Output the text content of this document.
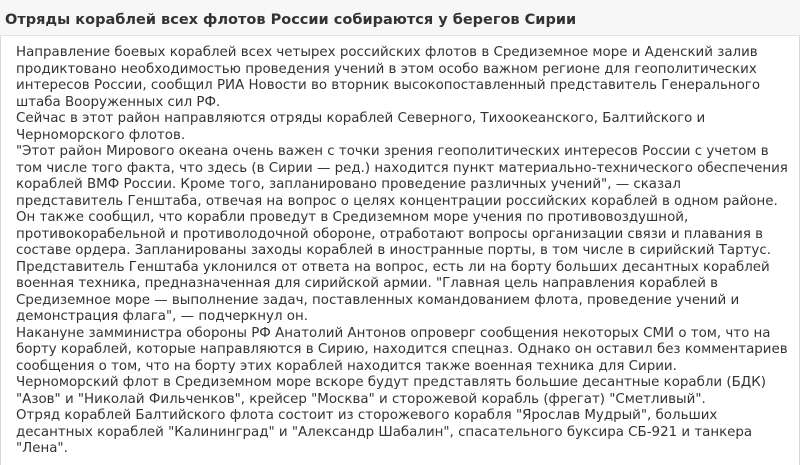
Отряды кораблей всех флотов России собираются у берегов Сирии

Направление боевых кораблей всех четырех российских флотов в Средиземное море и Аденский залив продиктовано необходимостью проведения учений в этом особо важном регионе для геополитических интересов России, сообщил РИА Новости во вторник высокопоставленный представитель Генерального штаба Вооруженных сил РФ.

Сейчас в этот район направляются отряды кораблей Северного, Тихоокеанского, Балтийского и Черноморского флотов.

"Этот район Мирового океана очень важен с точки зрения геополитических интересов России с учетом в том числе того факта, что здесь (в Сирии — ред.) находится пункт материально-технического обеспечения кораблей ВМФ России. Кроме того, запланировано проведение различных учений", — сказал представитель Генштаба, отвечая на вопрос о целях концентрации российских кораблей в одном районе.

Он также сообщил, что корабли проведут в Средиземном море учения по противовоздушной, противокорабельной и противолодочной обороне, отработают вопросы организации связи и плавания в составе ордера. Запланированы заходы кораблей в иностранные порты, в том числе в сирийский Тартус.

Представитель Генштаба уклонился от ответа на вопрос, есть ли на борту больших десантных кораблей военная техника, предназначенная для сирийской армии. "Главная цель направления кораблей в Средиземное море — выполнение задач, поставленных командованием флота, проведение учений и демонстрация флага", — подчеркнул он.

Накануне замминистра обороны РФ Анатолий Антонов опроверг сообщения некоторых СМИ о том, что на борту кораблей, которые направляются в Сирию, находится спецназ. Однако он оставил без комментариев сообщения о том, что на борту этих кораблей находится также военная техника для Сирии.

Черноморский флот в Средиземном море вскоре будут представлять большие десантные корабли (БДК) "Азов" и "Николай Фильченков", крейсер "Москва" и сторожевой корабль (фрегат) "Сметливый".

Отряд кораблей Балтийского флота состоит из сторожевого корабля "Ярослав Мудрый", больших десантных кораблей "Калининград" и "Александр Шабалин", спасательного буксира СБ-921 и танкера "Лена".
